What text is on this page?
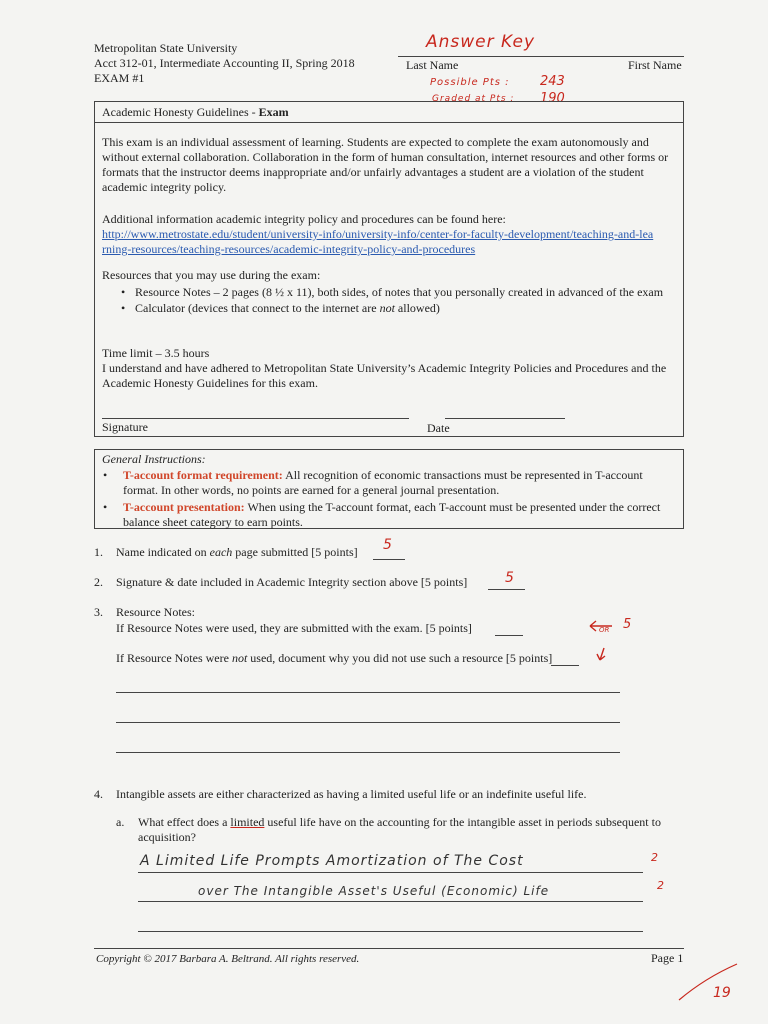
Metropolitan State University
Acct 312-01, Intermediate Accounting II, Spring 2018
EXAM #1
Answer Key
Last Name	First Name
Possible Pts : 243
Graded at Pts : 190
Academic Honesty Guidelines - Exam
This exam is an individual assessment of learning. Students are expected to complete the exam autonomously and without external collaboration. Collaboration in the form of human consultation, internet resources and other forms or formats that the instructor deems inappropriate and/or unfairly advantages a student are a violation of the student academic integrity policy.
Additional information academic integrity policy and procedures can be found here:
http://www.metrostate.edu/student/university-info/university-info/center-for-faculty-development/teaching-and-learning-resources/teaching-resources/academic-integrity-policy-and-procedures
Resources that you may use during the exam:
• Resource Notes – 2 pages (8 ½ x 11), both sides, of notes that you personally created in advanced of the exam
• Calculator (devices that connect to the internet are not allowed)
Time limit – 3.5 hours
I understand and have adhered to Metropolitan State University’s Academic Integrity Policies and Procedures and the Academic Honesty Guidelines for this exam.
Signature	Date
General Instructions:
• T-account format requirement: All recognition of economic transactions must be represented in T-account format. In other words, no points are earned for a general journal presentation.
• T-account presentation: When using the T-account format, each T-account must be presented under the correct balance sheet category to earn points.
1. Name indicated on each page submitted [5 points] 5
2. Signature & date included in Academic Integrity section above [5 points]	5
3. Resource Notes:
If Resource Notes were used, they are submitted with the exam. [5 points]
If Resource Notes were not used, document why you did not use such a resource [5 points]
OR 5
4. Intangible assets are either characterized as having a limited useful life or an indefinite useful life.
a. What effect does a limited useful life have on the accounting for the intangible asset in periods subsequent to acquisition?
A Limited Life Prompts Amortization of The Cost	2
over The Intangible Asset's Useful (Economic) Life	2
Copyright © 2017 Barbara A. Beltrand. All rights reserved.	Page 1
19
